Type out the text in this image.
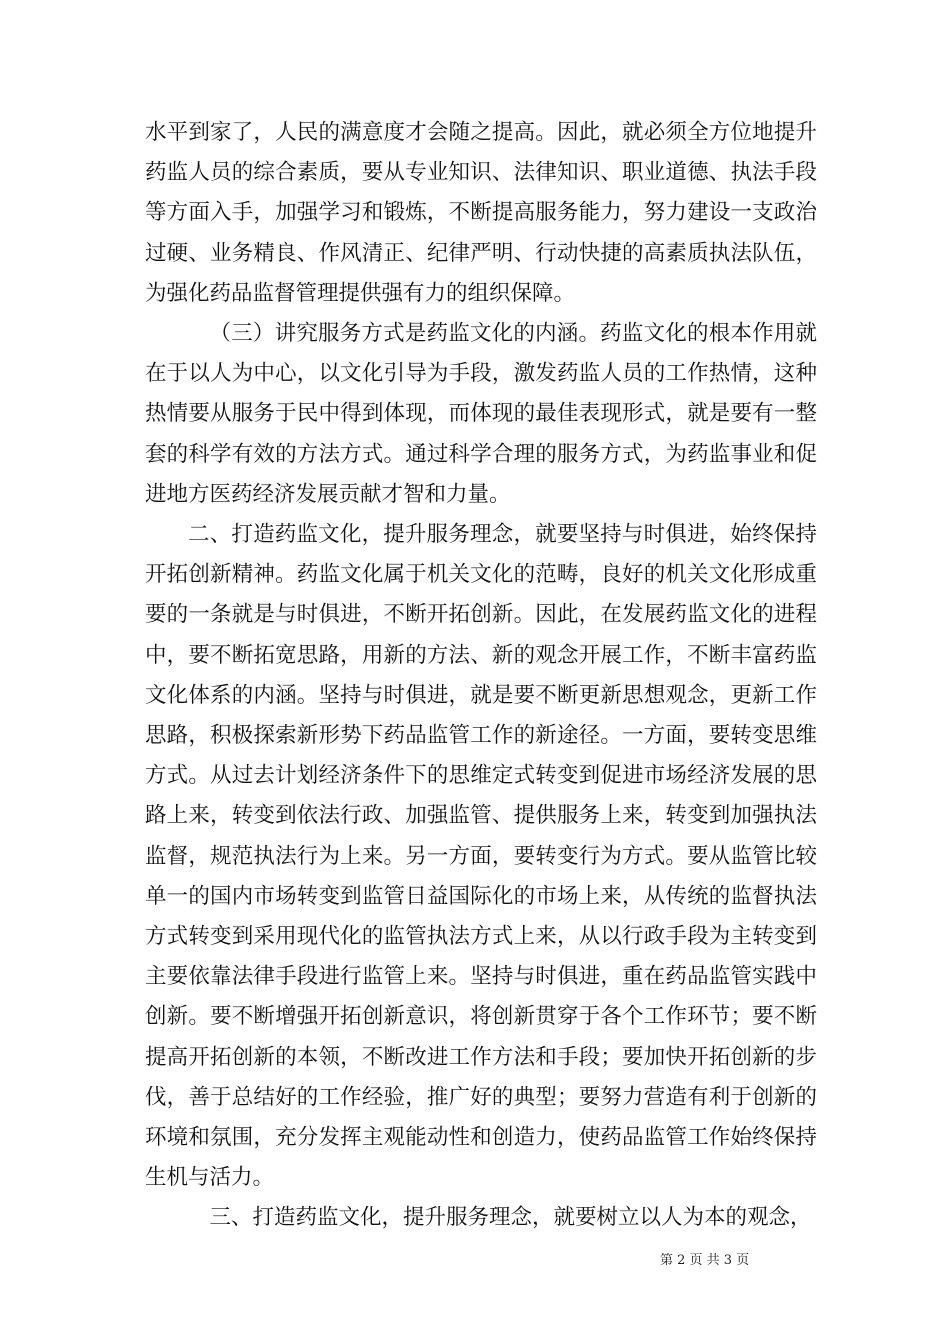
水平到家了，人民的满意度才会随之提高。因此，就必须全方位地提升药监人员的综合素质，要从专业知识、法律知识、职业道德、执法手段等方面入手，加强学习和锻炼，不断提高服务能力，努力建设一支政治过硬、业务精良、作风清正、纪律严明、行动快捷的高素质执法队伍，为强化药品监督管理提供强有力的组织保障。

（三）讲究服务方式是药监文化的内涵。药监文化的根本作用就在于以人为中心，以文化引导为手段，激发药监人员的工作热情，这种热情要从服务于民中得到体现，而体现的最佳表现形式，就是要有一整套的科学有效的方法方式。通过科学合理的服务方式，为药监事业和促进地方医药经济发展贡献才智和力量。

二、打造药监文化，提升服务理念，就要坚持与时俱进，始终保持开拓创新精神。药监文化属于机关文化的范畴，良好的机关文化形成重要的一条就是与时俱进，不断开拓创新。因此，在发展药监文化的进程中，要不断拓宽思路，用新的方法、新的观念开展工作，不断丰富药监文化体系的内涵。坚持与时俱进，就是要不断更新思想观念，更新工作思路，积极探索新形势下药品监管工作的新途径。一方面，要转变思维方式。从过去计划经济条件下的思维定式转变到促进市场经济发展的思路上来，转变到依法行政、加强监管、提供服务上来，转变到加强执法监督，规范执法行为上来。另一方面，要转变行为方式。要从监管比较单一的国内市场转变到监管日益国际化的市场上来，从传统的监督执法方式转变到采用现代化的监管执法方式上来，从以行政手段为主转变到主要依靠法律手段进行监管上来。坚持与时俱进，重在药品监管实践中创新。要不断增强开拓创新意识，将创新贯穿于各个工作环节；要不断提高开拓创新的本领，不断改进工作方法和手段；要加快开拓创新的步伐，善于总结好的工作经验，推广好的典型；要努力营造有利于创新的环境和氛围，充分发挥主观能动性和创造力，使药品监管工作始终保持生机与活力。

三、打造药监文化，提升服务理念，就要树立以人为本的观念，

第 2 页 共 3 页
